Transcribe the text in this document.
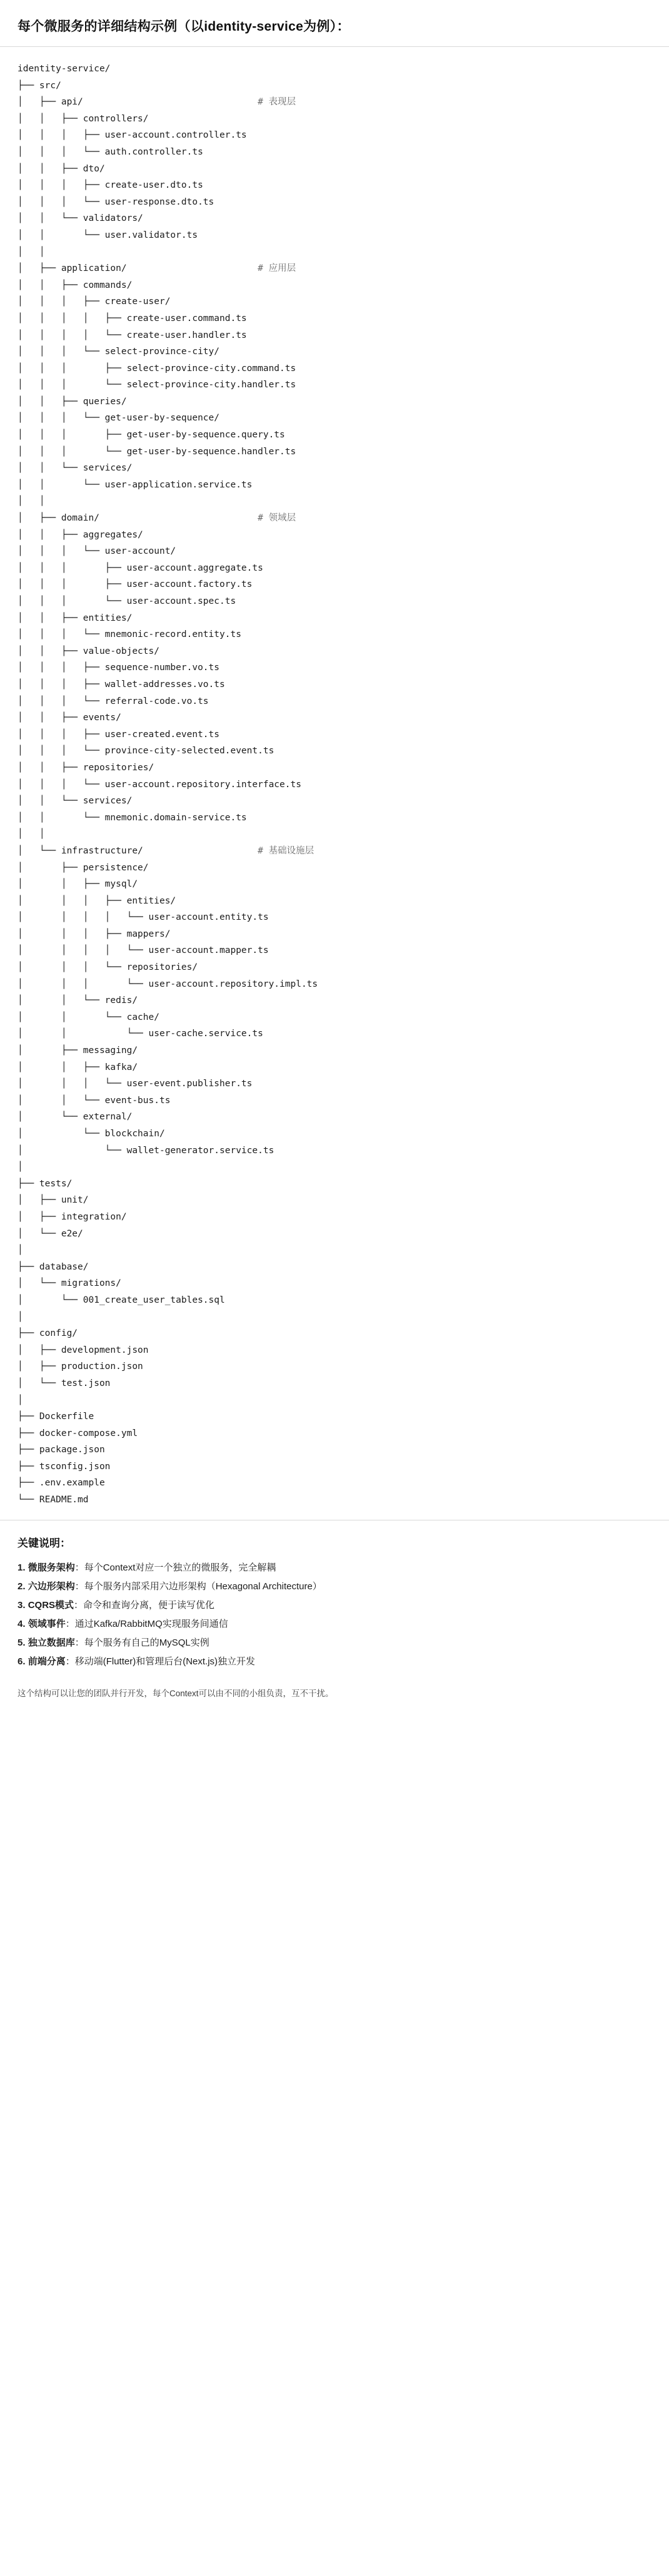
每个微服务的详细结构示例（以identity-service为例）：
identity-service/
├── src/
│   ├── api/	# 表现层
│   │   ├── controllers/
│   │   │   ├── user-account.controller.ts
│   │   │   └── auth.controller.ts
│   │   ├── dto/
│   │   │   ├── create-user.dto.ts
│   │   │   └── user-response.dto.ts
│   │   └── validators/
│   │       └── user.validator.ts
│   │
│   ├── application/	# 应用层
│   │   ├── commands/
│   │   │   ├── create-user/
│   │   │   │   ├── create-user.command.ts
│   │   │   │   └── create-user.handler.ts
│   │   │   └── select-province-city/
│   │   │       ├── select-province-city.command.ts
│   │   │       └── select-province-city.handler.ts
│   │   ├── queries/
│   │   │   └── get-user-by-sequence/
│   │   │       ├── get-user-by-sequence.query.ts
│   │   │       └── get-user-by-sequence.handler.ts
│   │   └── services/
│   │       └── user-application.service.ts
│   │
│   ├── domain/	# 领域层
│   │   ├── aggregates/
│   │   │   └── user-account/
│   │   │       ├── user-account.aggregate.ts
│   │   │       ├── user-account.factory.ts
│   │   │       └── user-account.spec.ts
│   │   ├── entities/
│   │   │   └── mnemonic-record.entity.ts
│   │   ├── value-objects/
│   │   │   ├── sequence-number.vo.ts
│   │   │   ├── wallet-addresses.vo.ts
│   │   │   └── referral-code.vo.ts
│   │   ├── events/
│   │   │   ├── user-created.event.ts
│   │   │   └── province-city-selected.event.ts
│   │   ├── repositories/
│   │   │   └── user-account.repository.interface.ts
│   │   └── services/
│   │       └── mnemonic.domain-service.ts
│   │
│   └── infrastructure/	# 基础设施层
│       ├── persistence/
│       │   ├── mysql/
│       │   │   ├── entities/
│       │   │   │   └── user-account.entity.ts
│       │   │   ├── mappers/
│       │   │   │   └── user-account.mapper.ts
│       │   │   └── repositories/
│       │   │       └── user-account.repository.impl.ts
│       │   └── redis/
│       │       └── cache/
│       │           └── user-cache.service.ts
│       ├── messaging/
│       │   ├── kafka/
│       │   │   └── user-event.publisher.ts
│       │   └── event-bus.ts
│       └── external/
│           └── blockchain/
│               └── wallet-generator.service.ts
│
├── tests/
│   ├── unit/
│   ├── integration/
│   └── e2e/
│
├── database/
│   └── migrations/
│       └── 001_create_user_tables.sql
│
├── config/
│   ├── development.json
│   ├── production.json
│   └── test.json
│
├── Dockerfile
├── docker-compose.yml
├── package.json
├── tsconfig.json
├── .env.example
└── README.md
关键说明：
1. 微服务架构：每个Context对应一个独立的微服务，完全解耦
2. 六边形架构：每个服务内部采用六边形架构（Hexagonal Architecture）
3. CQRS模式：命令和查询分离，便于读写优化
4. 领域事件：通过Kafka/RabbitMQ实现服务间通信
5. 独立数据库：每个服务有自己的MySQL实例
6. 前端分离：移动端(Flutter)和管理后台(Next.js)独立开发
这个结构可以让您的团队并行开发，每个Context可以由不同的小组负责，互不干扰。
